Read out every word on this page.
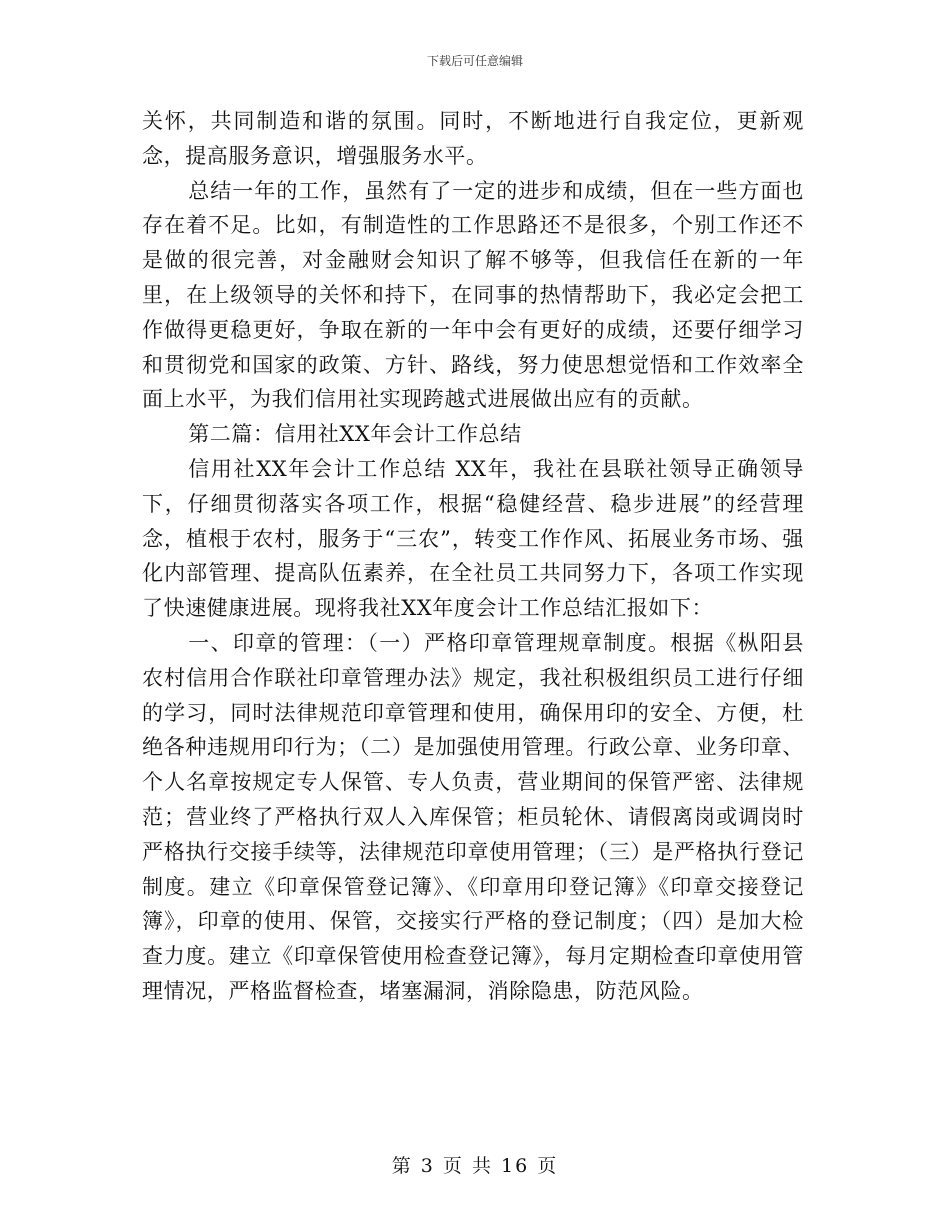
下载后可任意编辑

关怀，共同制造和谐的氛围。同时，不断地进行自我定位，更新观念，提高服务意识，增强服务水平。

总结一年的工作，虽然有了一定的进步和成绩，但在一些方面也存在着不足。比如，有制造性的工作思路还不是很多，个别工作还不是做的很完善，对金融财会知识了解不够等，但我信任在新的一年里，在上级领导的关怀和持下，在同事的热情帮助下，我必定会把工作做得更稳更好，争取在新的一年中会有更好的成绩，还要仔细学习和贯彻党和国家的政策、方针、路线，努力使思想觉悟和工作效率全面上水平，为我们信用社实现跨越式进展做出应有的贡献。

第二篇：信用社XX年会计工作总结

信用社XX年会计工作总结 XX年，我社在县联社领导正确领导下，仔细贯彻落实各项工作，根据“稳健经营、稳步进展”的经营理念，植根于农村，服务于“三农”，转变工作作风、拓展业务市场、强化内部管理、提高队伍素养，在全社员工共同努力下，各项工作实现了快速健康进展。现将我社XX年度会计工作总结汇报如下：

一、印章的管理：（一）严格印章管理规章制度。根据《枞阳县农村信用合作联社印章管理办法》规定，我社积极组织员工进行仔细的学习，同时法律规范印章管理和使用，确保用印的安全、方便，杜绝各种违规用印行为；（二）是加强使用管理。行政公章、业务印章、个人名章按规定专人保管、专人负责，营业期间的保管严密、法律规范；营业终了严格执行双人入库保管；柜员轮休、请假离岗或调岗时严格执行交接手续等，法律规范印章使用管理；（三）是严格执行登记制度。建立《印章保管登记簿》、《印章用印登记簿》《印章交接登记簿》，印章的使用、保管，交接实行严格的登记制度；（四）是加大检查力度。建立《印章保管使用检查登记簿》，每月定期检查印章使用管理情况，严格监督检查，堵塞漏洞，消除隐患，防范风险。

第 3 页 共 16 页
